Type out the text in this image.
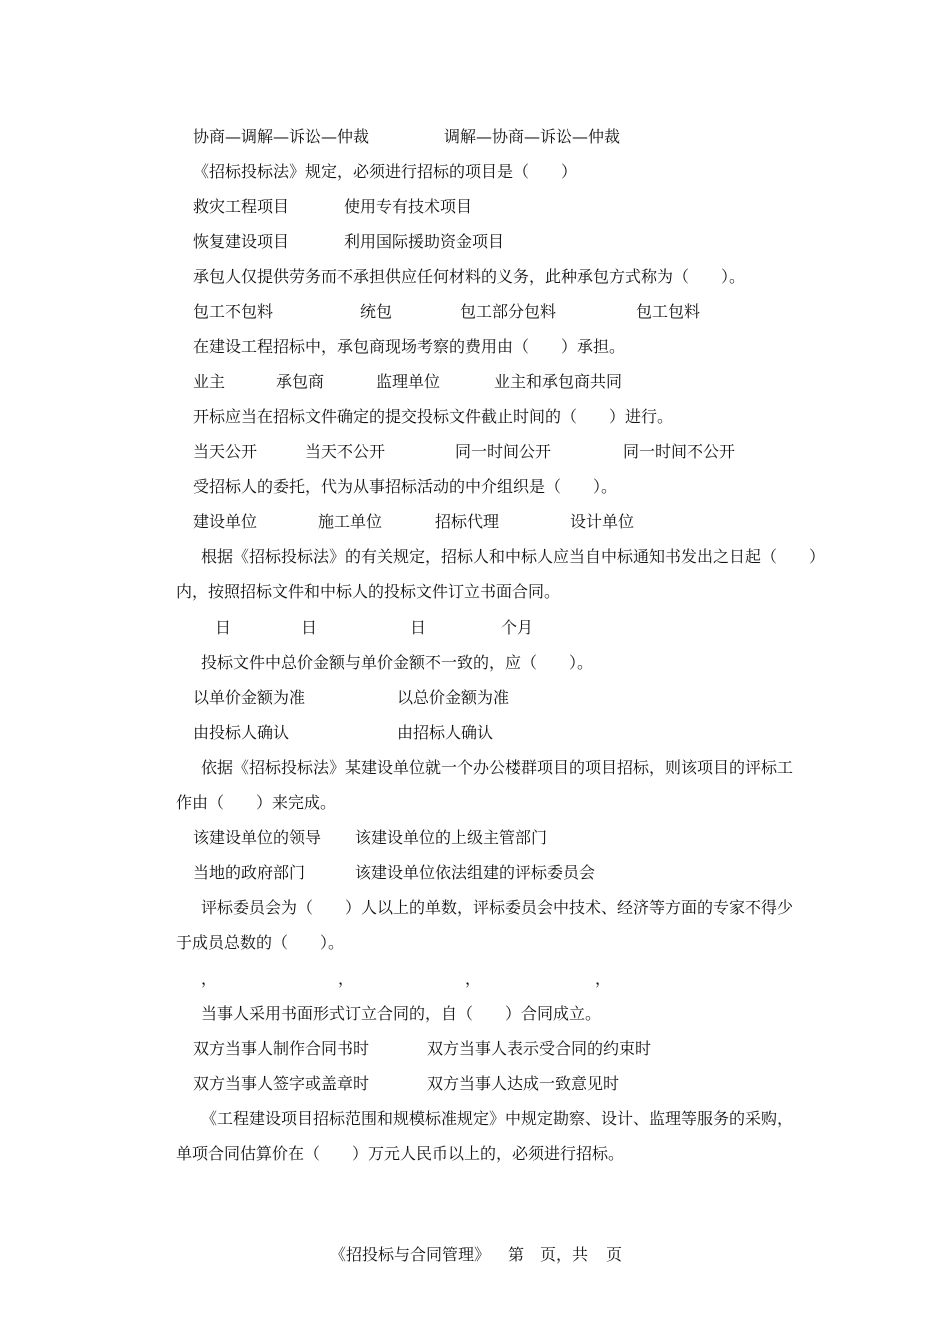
协商—调解—诉讼—仲裁	调解—协商—诉讼—仲裁
《招标投标法》规定，必须进行招标的项目是（　　）
救灾工程项目	使用专有技术项目
恢复建设项目	利用国际援助资金项目
承包人仅提供劳务而不承担供应任何材料的义务，此种承包方式称为（　　）。
包工不包料	统包	包工部分包料	包工包料
在建设工程招标中，承包商现场考察的费用由（　　）承担。
业主	承包商	监理单位	业主和承包商共同
开标应当在招标文件确定的提交投标文件截止时间的（　　）进行。
当天公开	当天不公开	同一时间公开	同一时间不公开
受招标人的委托，代为从事招标活动的中介组织是（　　）。
建设单位	施工单位	招标代理	设计单位
根据《招标投标法》的有关规定，招标人和中标人应当自中标通知书发出之日起（　　）
内，按照招标文件和中标人的投标文件订立书面合同。
日	日	日	个月
投标文件中总价金额与单价金额不一致的，应（　　）。
以单价金额为准	以总价金额为准
由投标人确认	由招标人确认
依据《招标投标法》某建设单位就一个办公楼群项目的项目招标，则该项目的评标工
作由（　　）来完成。
该建设单位的领导 该建设单位的上级主管部门
当地的政府部门	该建设单位依法组建的评标委员会
评标委员会为（　　）人以上的单数，评标委员会中技术、经济等方面的专家不得少
于成员总数的（　　）。
，	，	，	，
当事人采用书面形式订立合同的，自（　　）合同成立。
双方当事人制作合同书时	双方当事人表示受合同的约束时
双方当事人签字或盖章时	双方当事人达成一致意见时
《工程建设项目招标范围和规模标准规定》中规定勘察、设计、监理等服务的采购，
单项合同估算价在（　　）万元人民币以上的，必须进行招标。
《招投标与合同管理》 第 页，共 页
